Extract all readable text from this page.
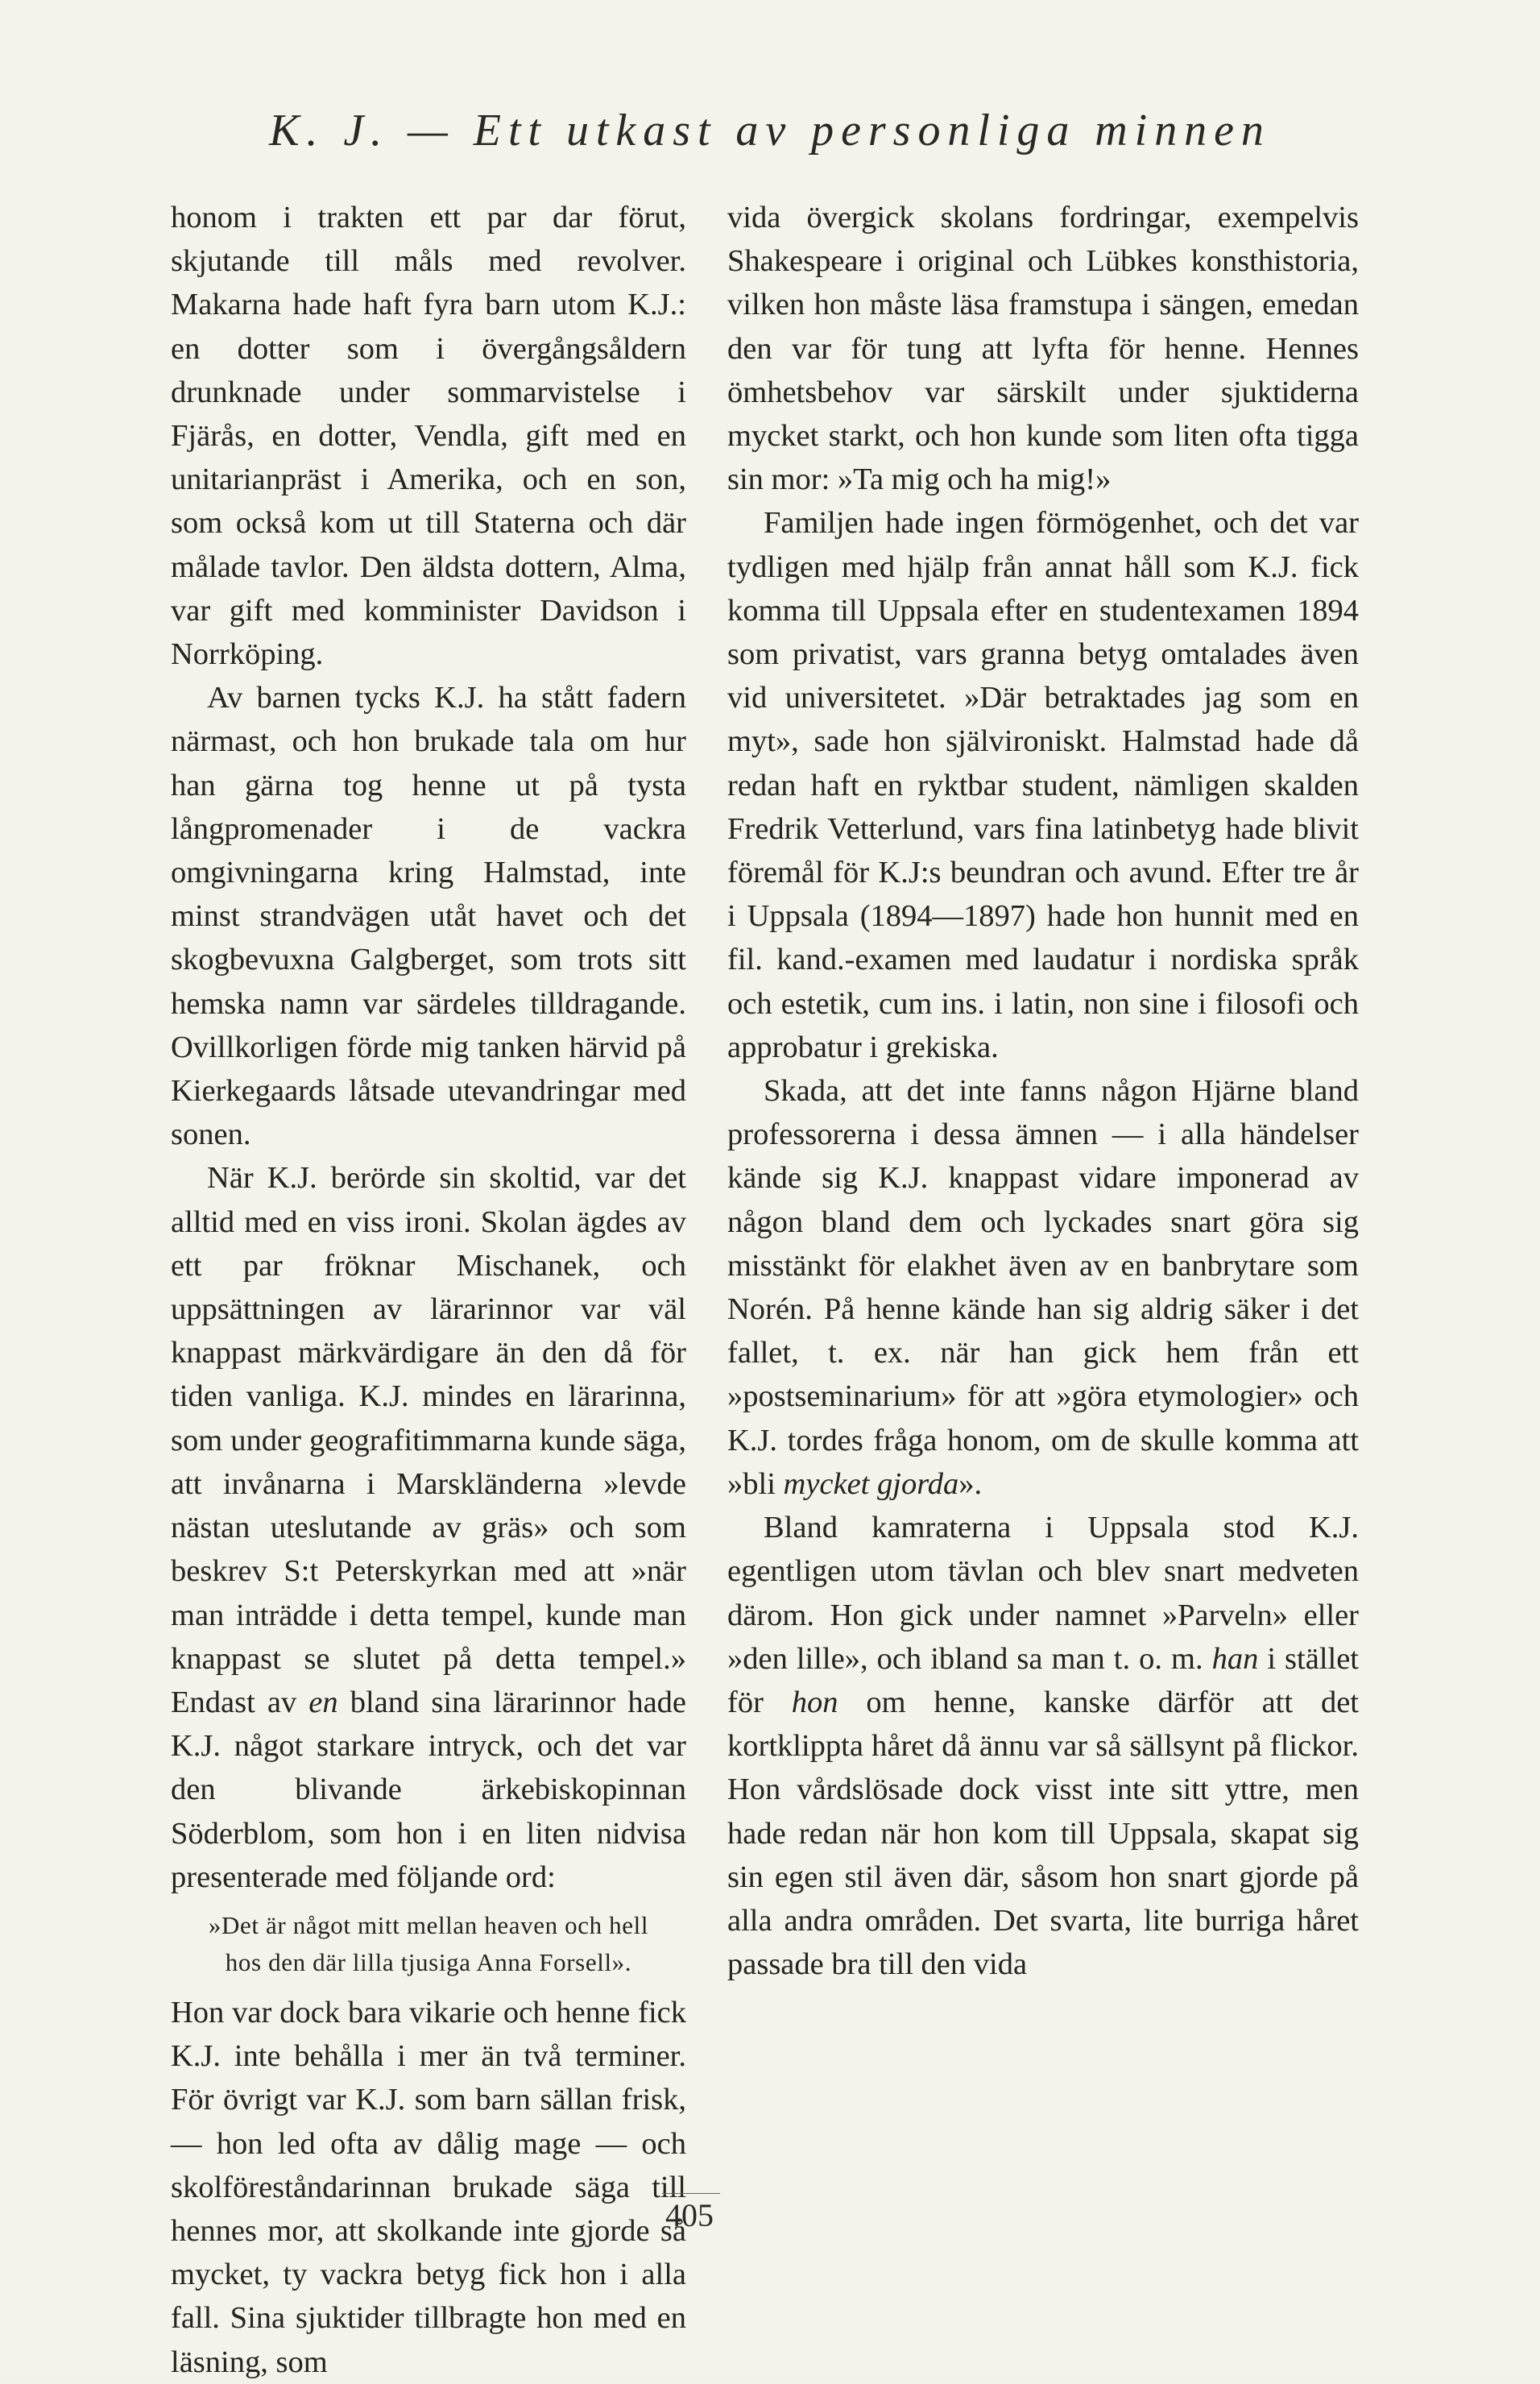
K. J. — Ett utkast av personliga minnen

honom i trakten ett par dar förut, skjutande till måls med revolver. Makarna hade haft fyra barn utom K.J.: en dotter som i övergångsåldern drunknade under sommarvistelse i Fjärås, en dotter, Vendla, gift med en unitarianpräst i Amerika, och en son, som också kom ut till Staterna och där målade tavlor. Den äldsta dottern, Alma, var gift med komminister Davidson i Norrköping.

Av barnen tycks K.J. ha stått fadern närmast, och hon brukade tala om hur han gärna tog henne ut på tysta långpromenader i de vackra omgivningarna kring Halmstad, inte minst strandvägen utåt havet och det skogbevuxna Galgberget, som trots sitt hemska namn var särdeles tilldragande. Ovillkorligen förde mig tanken härvid på Kierkegaards låtsade utevandringar med sonen.

När K.J. berörde sin skoltid, var det alltid med en viss ironi. Skolan ägdes av ett par fröknar Mischanek, och uppsättningen av lärarinnor var väl knappast märkvärdigare än den då för tiden vanliga. K.J. mindes en lärarinna, som under geografitimmarna kunde säga, att invånarna i Marskländerna »levde nästan uteslutande av gräs» och som beskrev S:t Peterskyrkan med att »när man inträdde i detta tempel, kunde man knappast se slutet på detta tempel.» Endast av en bland sina lärarinnor hade K.J. något starkare intryck, och det var den blivande ärkebiskopinnan Söderblom, som hon i en liten nidvisa presenterade med följande ord:

»Det är något mitt mellan heaven och hell
hos den där lilla tjusiga Anna Forsell».

Hon var dock bara vikarie och henne fick K.J. inte behålla i mer än två terminer. För övrigt var K.J. som barn sällan frisk, — hon led ofta av dålig mage — och skolföreståndarinnan brukade säga till hennes mor, att skolkande inte gjorde så mycket, ty vackra betyg fick hon i alla fall. Sina sjuktider tillbragte hon med en läsning, som

vida övergick skolans fordringar, exempelvis Shakespeare i original och Lübkes konsthistoria, vilken hon måste läsa framstupa i sängen, emedan den var för tung att lyfta för henne. Hennes ömhetsbehov var särskilt under sjuktiderna mycket starkt, och hon kunde som liten ofta tigga sin mor: »Ta mig och ha mig!»

Familjen hade ingen förmögenhet, och det var tydligen med hjälp från annat håll som K.J. fick komma till Uppsala efter en studentexamen 1894 som privatist, vars granna betyg omtalades även vid universitetet. »Där betraktades jag som en myt», sade hon självironiskt. Halmstad hade då redan haft en ryktbar student, nämligen skalden Fredrik Vetterlund, vars fina latinbetyg hade blivit föremål för K.J:s beundran och avund. Efter tre år i Uppsala (1894—1897) hade hon hunnit med en fil. kand.-examen med laudatur i nordiska språk och estetik, cum ins. i latin, non sine i filosofi och approbatur i grekiska.

Skada, att det inte fanns någon Hjärne bland professorerna i dessa ämnen — i alla händelser kände sig K.J. knappast vidare imponerad av någon bland dem och lyckades snart göra sig misstänkt för elakhet även av en banbrytare som Norén. På henne kände han sig aldrig säker i det fallet, t. ex. när han gick hem från ett »postseminarium» för att »göra etymologier» och K.J. tordes fråga honom, om de skulle komma att »bli mycket gjorda».

Bland kamraterna i Uppsala stod K.J. egentligen utom tävlan och blev snart medveten därom. Hon gick under namnet »Parveln» eller »den lille», och ibland sa man t. o. m. han i stället för hon om henne, kanske därför att det kortklippta håret då ännu var så sällsynt på flickor. Hon vårdslösade dock visst inte sitt yttre, men hade redan när hon kom till Uppsala, skapat sig sin egen stil även där, såsom hon snart gjorde på alla andra områden. Det svarta, lite burriga håret passade bra till den vida

405
